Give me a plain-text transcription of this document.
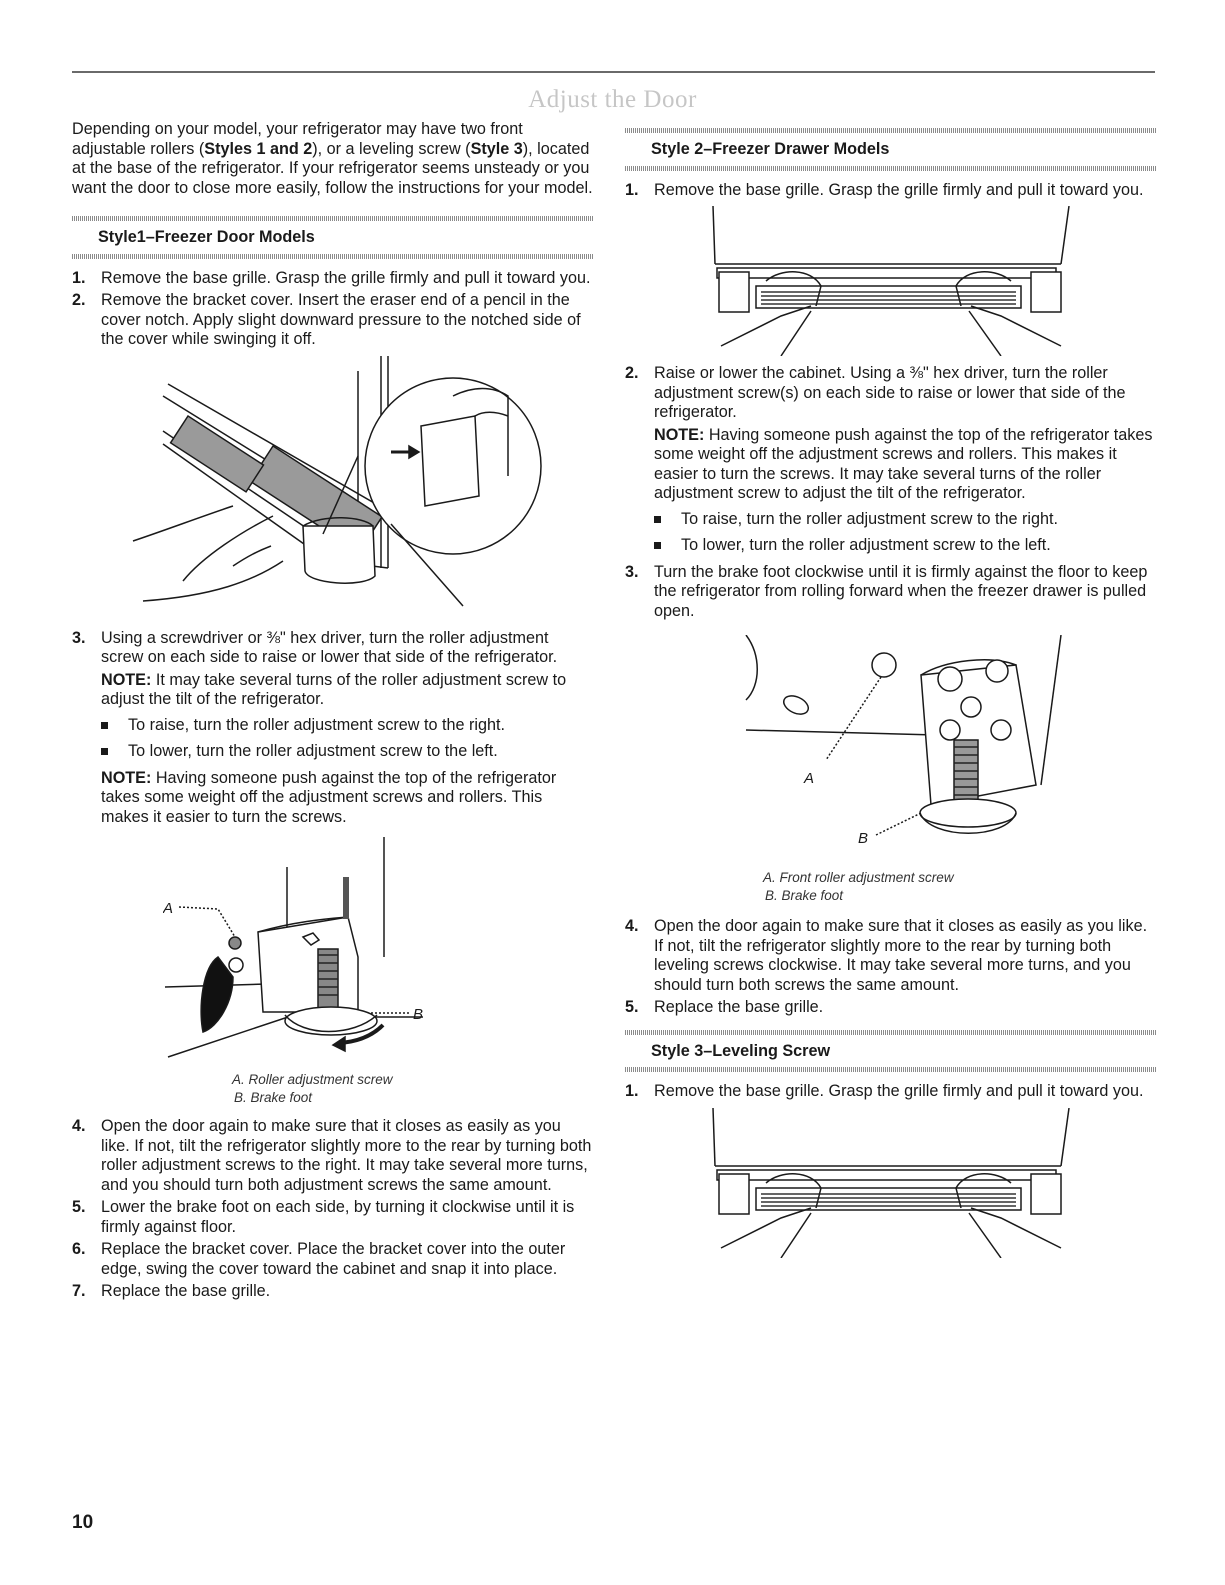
Adjust the Door

Depending on your model, your refrigerator may have two front adjustable rollers (Styles 1 and 2), or a leveling screw (Style 3), located at the base of the refrigerator. If your refrigerator seems unsteady or you want the door to close more easily, follow the instructions for your model.

Style1–Freezer Door Models
1. Remove the base grille. Grasp the grille firmly and pull it toward you.
2. Remove the bracket cover. Insert the eraser end of a pencil in the cover notch. Apply slight downward pressure to the notched side of the cover while swinging it off.
3. Using a screwdriver or ⅜" hex driver, turn the roller adjustment screw on each side to raise or lower that side of the refrigerator.

NOTE: It may take several turns of the roller adjustment screw to adjust the tilt of the refrigerator.

To raise, turn the roller adjustment screw to the right.
To lower, turn the roller adjustment screw to the left.

NOTE: Having someone push against the top of the refrigerator takes some weight off the adjustment screws and rollers. This makes it easier to turn the screws.

A
B
A. Roller adjustment screw
B. Brake foot
4. Open the door again to make sure that it closes as easily as you like. If not, tilt the refrigerator slightly more to the rear by turning both roller adjustment screws to the right. It may take several more turns, and you should turn both adjustment screws the same amount.
5. Lower the brake foot on each side, by turning it clockwise until it is firmly against floor.
6. Replace the bracket cover. Place the bracket cover into the outer edge, swing the cover toward the cabinet and snap it into place.
7. Replace the base grille.
Style 2–Freezer Drawer Models
1. Remove the base grille. Grasp the grille firmly and pull it toward you.
2. Raise or lower the cabinet. Using a ⅜" hex driver, turn the roller adjustment screw(s) on each side to raise or lower that side of the refrigerator.

NOTE: Having someone push against the top of the refrigerator takes some weight off the adjustment screws and rollers. This makes it easier to turn the screws. It may take several turns of the roller adjustment screw to adjust the tilt of the refrigerator.

To raise, turn the roller adjustment screw to the right.
To lower, turn the roller adjustment screw to the left.
3. Turn the brake foot clockwise until it is firmly against the floor to keep the refrigerator from rolling forward when the freezer drawer is pulled open.
A
B
A. Front roller adjustment screw
B. Brake foot
4. Open the door again to make sure that it closes as easily as you like. If not, tilt the refrigerator slightly more to the rear by turning both leveling screws clockwise. It may take several more turns, and you should turn both screws the same amount.
5. Replace the base grille.
Style 3–Leveling Screw
1. Remove the base grille. Grasp the grille firmly and pull it toward you.
10
